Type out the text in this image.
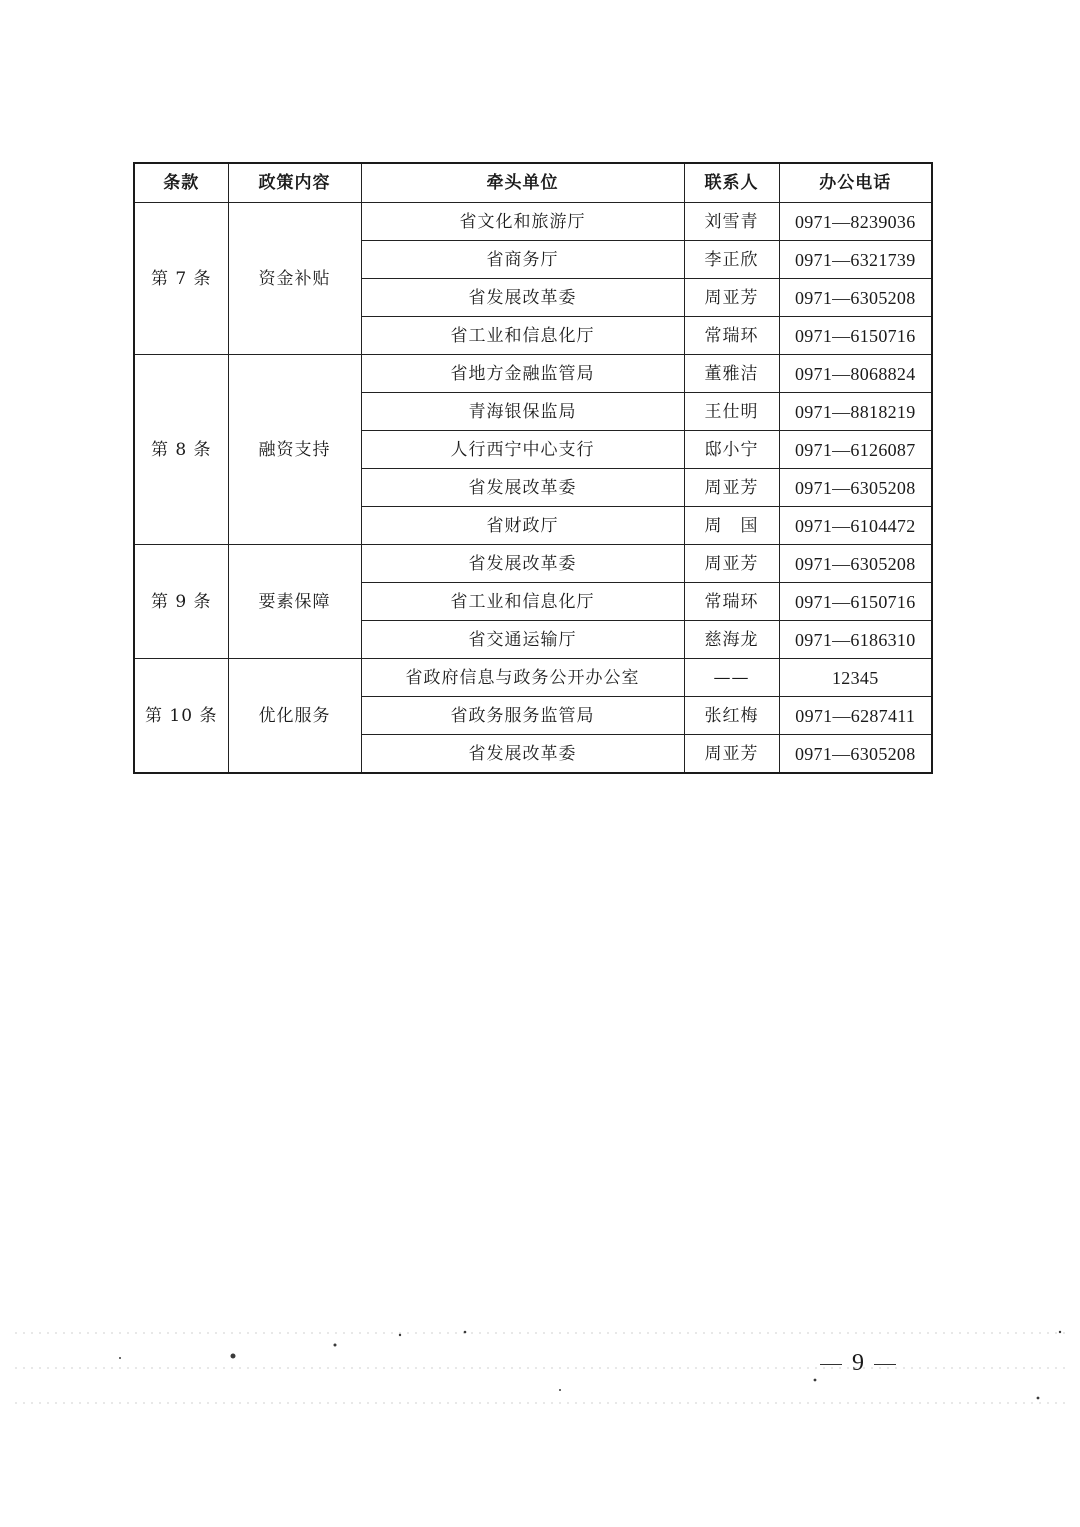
条款	政策内容	牵头单位	联系人	办公电话
第 7 条	资金补贴	省文化和旅游厅	刘雪青	0971—8239036
		省商务厅	李正欣	0971—6321739
		省发展改革委	周亚芳	0971—6305208
		省工业和信息化厅	常瑞环	0971—6150716
第 8 条	融资支持	省地方金融监管局	董雅洁	0971—8068824
		青海银保监局	王仕明	0971—8818219
		人行西宁中心支行	邸小宁	0971—6126087
		省发展改革委	周亚芳	0971—6305208
		省财政厅	周　国	0971—6104472
第 9 条	要素保障	省发展改革委	周亚芳	0971—6305208
		省工业和信息化厅	常瑞环	0971—6150716
		省交通运输厅	慈海龙	0971—6186310
第 10 条	优化服务	省政府信息与政务公开办公室	——	12345
		省政务服务监管局	张红梅	0971—6287411
		省发展改革委	周亚芳	0971—6305208
9
